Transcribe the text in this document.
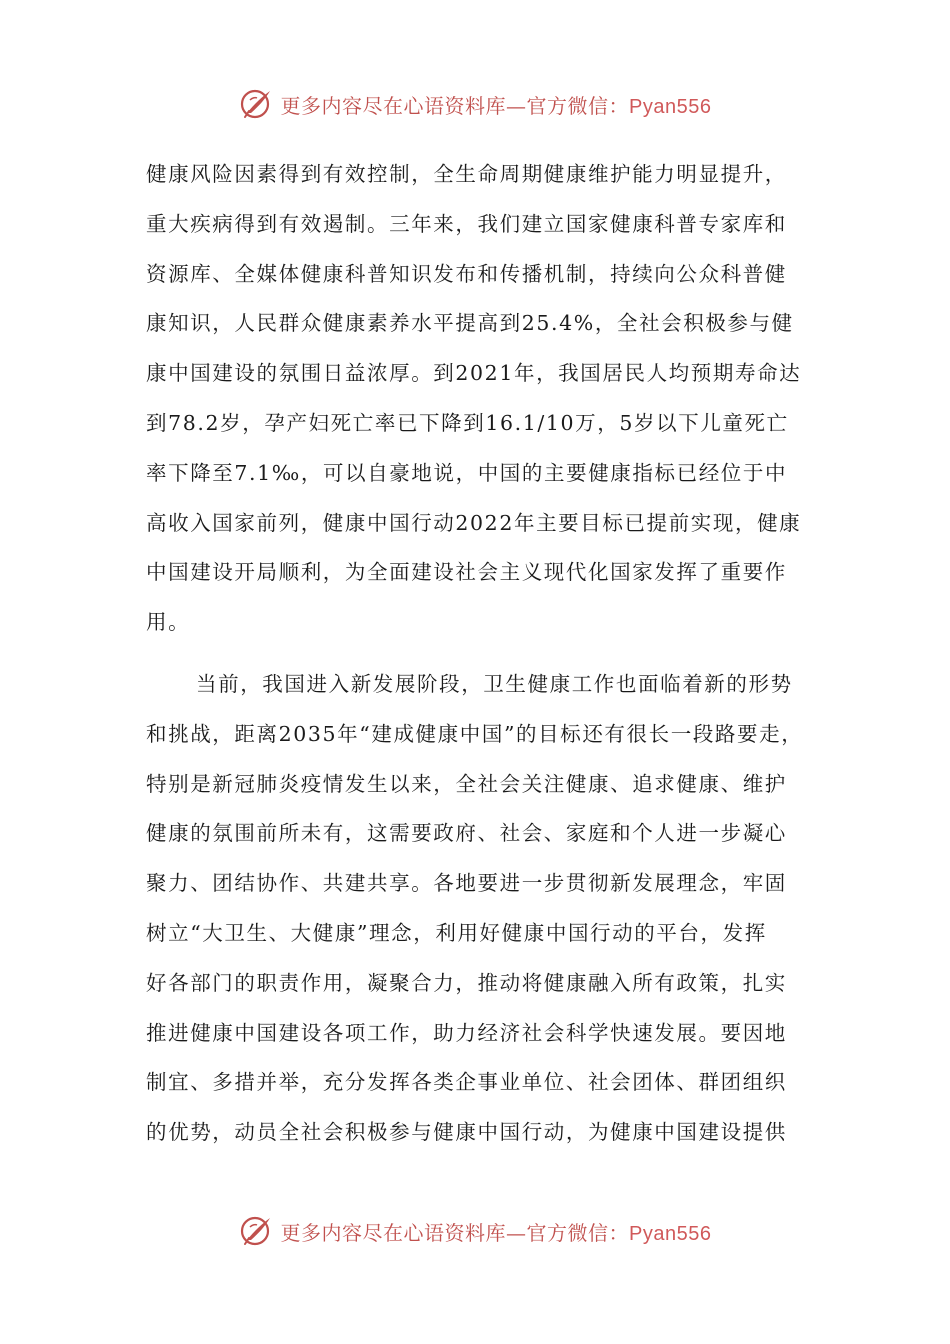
更多内容尽在心语资料库—官方微信：Pyan556
健康风险因素得到有效控制，全生命周期健康维护能力明显提升，
重大疾病得到有效遏制。三年来，我们建立国家健康科普专家库和
资源库、全媒体健康科普知识发布和传播机制，持续向公众科普健
康知识，人民群众健康素养水平提高到25.4%，全社会积极参与健
康中国建设的氛围日益浓厚。到2021年，我国居民人均预期寿命达
到78.2岁，孕产妇死亡率已下降到16.1/10万，5岁以下儿童死亡
率下降至7.1‰，可以自豪地说，中国的主要健康指标已经位于中
高收入国家前列，健康中国行动2022年主要目标已提前实现，健康
中国建设开局顺利，为全面建设社会主义现代化国家发挥了重要作
用。
当前，我国进入新发展阶段，卫生健康工作也面临着新的形势
和挑战，距离2035年“建成健康中国”的目标还有很长一段路要走，
特别是新冠肺炎疫情发生以来，全社会关注健康、追求健康、维护
健康的氛围前所未有，这需要政府、社会、家庭和个人进一步凝心
聚力、团结协作、共建共享。各地要进一步贯彻新发展理念，牢固
树立“大卫生、大健康”理念，利用好健康中国行动的平台，发挥
好各部门的职责作用，凝聚合力，推动将健康融入所有政策，扎实
推进健康中国建设各项工作，助力经济社会科学快速发展。要因地
制宜、多措并举，充分发挥各类企事业单位、社会团体、群团组织
的优势，动员全社会积极参与健康中国行动，为健康中国建设提供
更多内容尽在心语资料库—官方微信：Pyan556
